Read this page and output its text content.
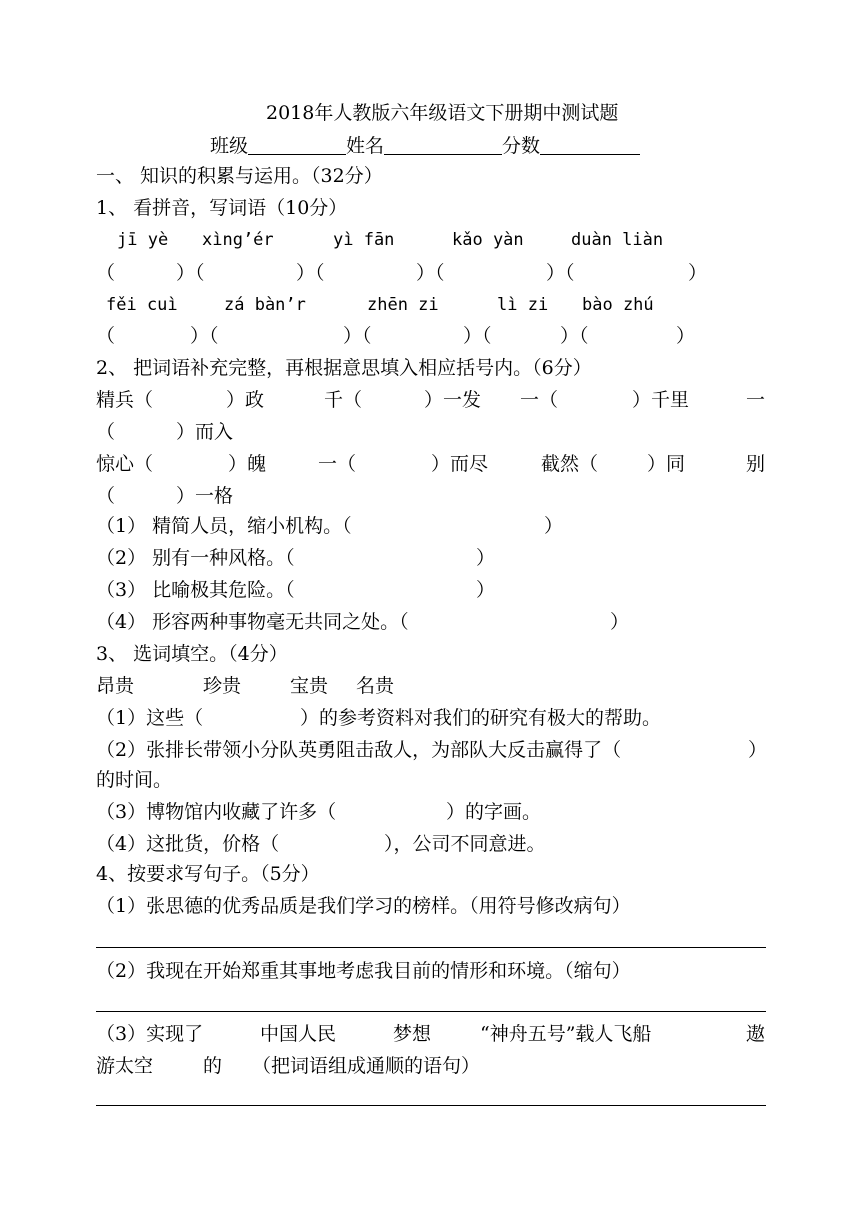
2018年人教版六年级语文下册期中测试题
班级	姓名	分数
一、 知识的积累与运用。（32分）
1、 看拼音，写词语（10分）
jī yè xìng’ér	yì fān	kǎo yàn	duàn liàn
（	）（	）（	）（	）（	）
fěi cuì	zá bàn’r	zhēn zi	lì zi bào zhú
（	）（	）（	）（	）（	）
2、 把词语补充完整，再根据意思填入相应括号内。（6分）
精兵（	）政	千（	）一发 一（	）千里	一
（	）而入
惊心（	）魄	一（	）而尽	截然（	）同	别
（	）一格
（1） 精简人员，缩小机构。（	）
（2） 别有一种风格。（	）
（3） 比喻极其危险。（	）
（4） 形容两种事物毫无共同之处。（	）
3、 选词填空。（4分）
昂贵	珍贵	宝贵 名贵
（1）这些（	）的参考资料对我们的研究有极大的帮助。
（2）张排长带领小分队英勇阻击敌人，为部队大反击赢得了（	）
的时间。
（3）博物馆内收藏了许多（	）的字画。
（4）这批货，价格（	），公司不同意进。
4、按要求写句子。（5分）
（1）张思德的优秀品质是我们学习的榜样。（用符号修改病句）
（2）我现在开始郑重其事地考虑我目前的情形和环境。（缩句）
（3）实现了	中国人民	梦想	“神舟五号”载人飞船	遨
游太空	的 （把词语组成通顺的语句）
